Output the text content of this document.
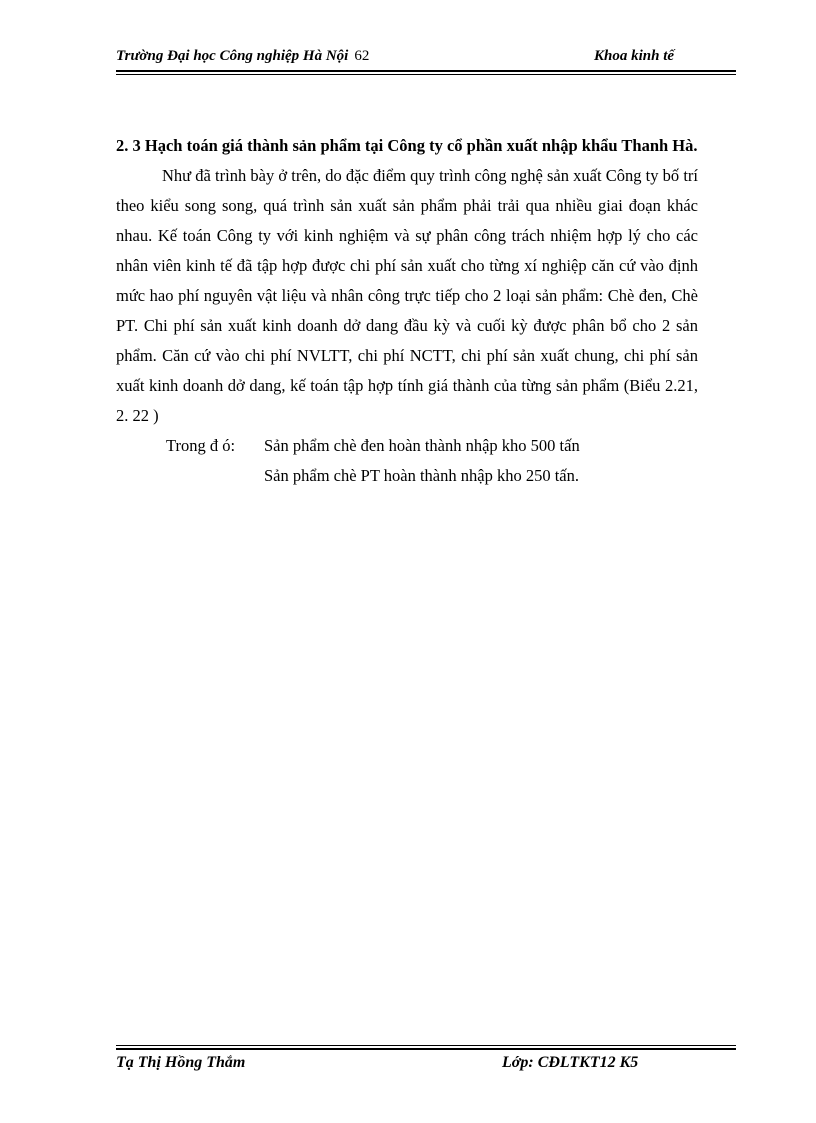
Trường Đại học Công nghiệp Hà Nội 62	Khoa kinh tế

2. 3 Hạch toán giá thành sản phẩm tại Công ty cổ phần xuất nhập khẩu Thanh Hà.

Như đã trình bày ở trên, do đặc điểm quy trình công nghệ sản xuất Công ty bố trí theo kiểu song song, quá trình sản xuất sản phẩm phải trải qua nhiều giai đoạn khác nhau. Kế toán Công ty với kinh nghiệm và sự phân công trách nhiệm hợp lý cho các nhân viên kinh tế đã tập hợp được chi phí sản xuất cho từng xí nghiệp căn cứ vào định mức hao phí nguyên vật liệu và nhân công trực tiếp cho 2 loại sản phẩm: Chè đen, Chè PT. Chi phí sản xuất kinh doanh dở dang đầu kỳ và cuối kỳ được phân bổ cho 2 sản phẩm. Căn cứ vào chi phí NVLTT, chi phí NCTT, chi phí sản xuất chung, chi phí sản xuất kinh doanh dở dang, kế toán tập hợp tính giá thành của từng sản phẩm (Biểu 2.21, 2. 22 )

Trong đ ó: Sản phẩm chè đen hoàn thành nhập kho 500 tấn

Sản phẩm chè PT hoàn thành nhập kho 250 tấn.

Tạ Thị Hồng Thắm	Lớp: CĐLTKT12 K5
